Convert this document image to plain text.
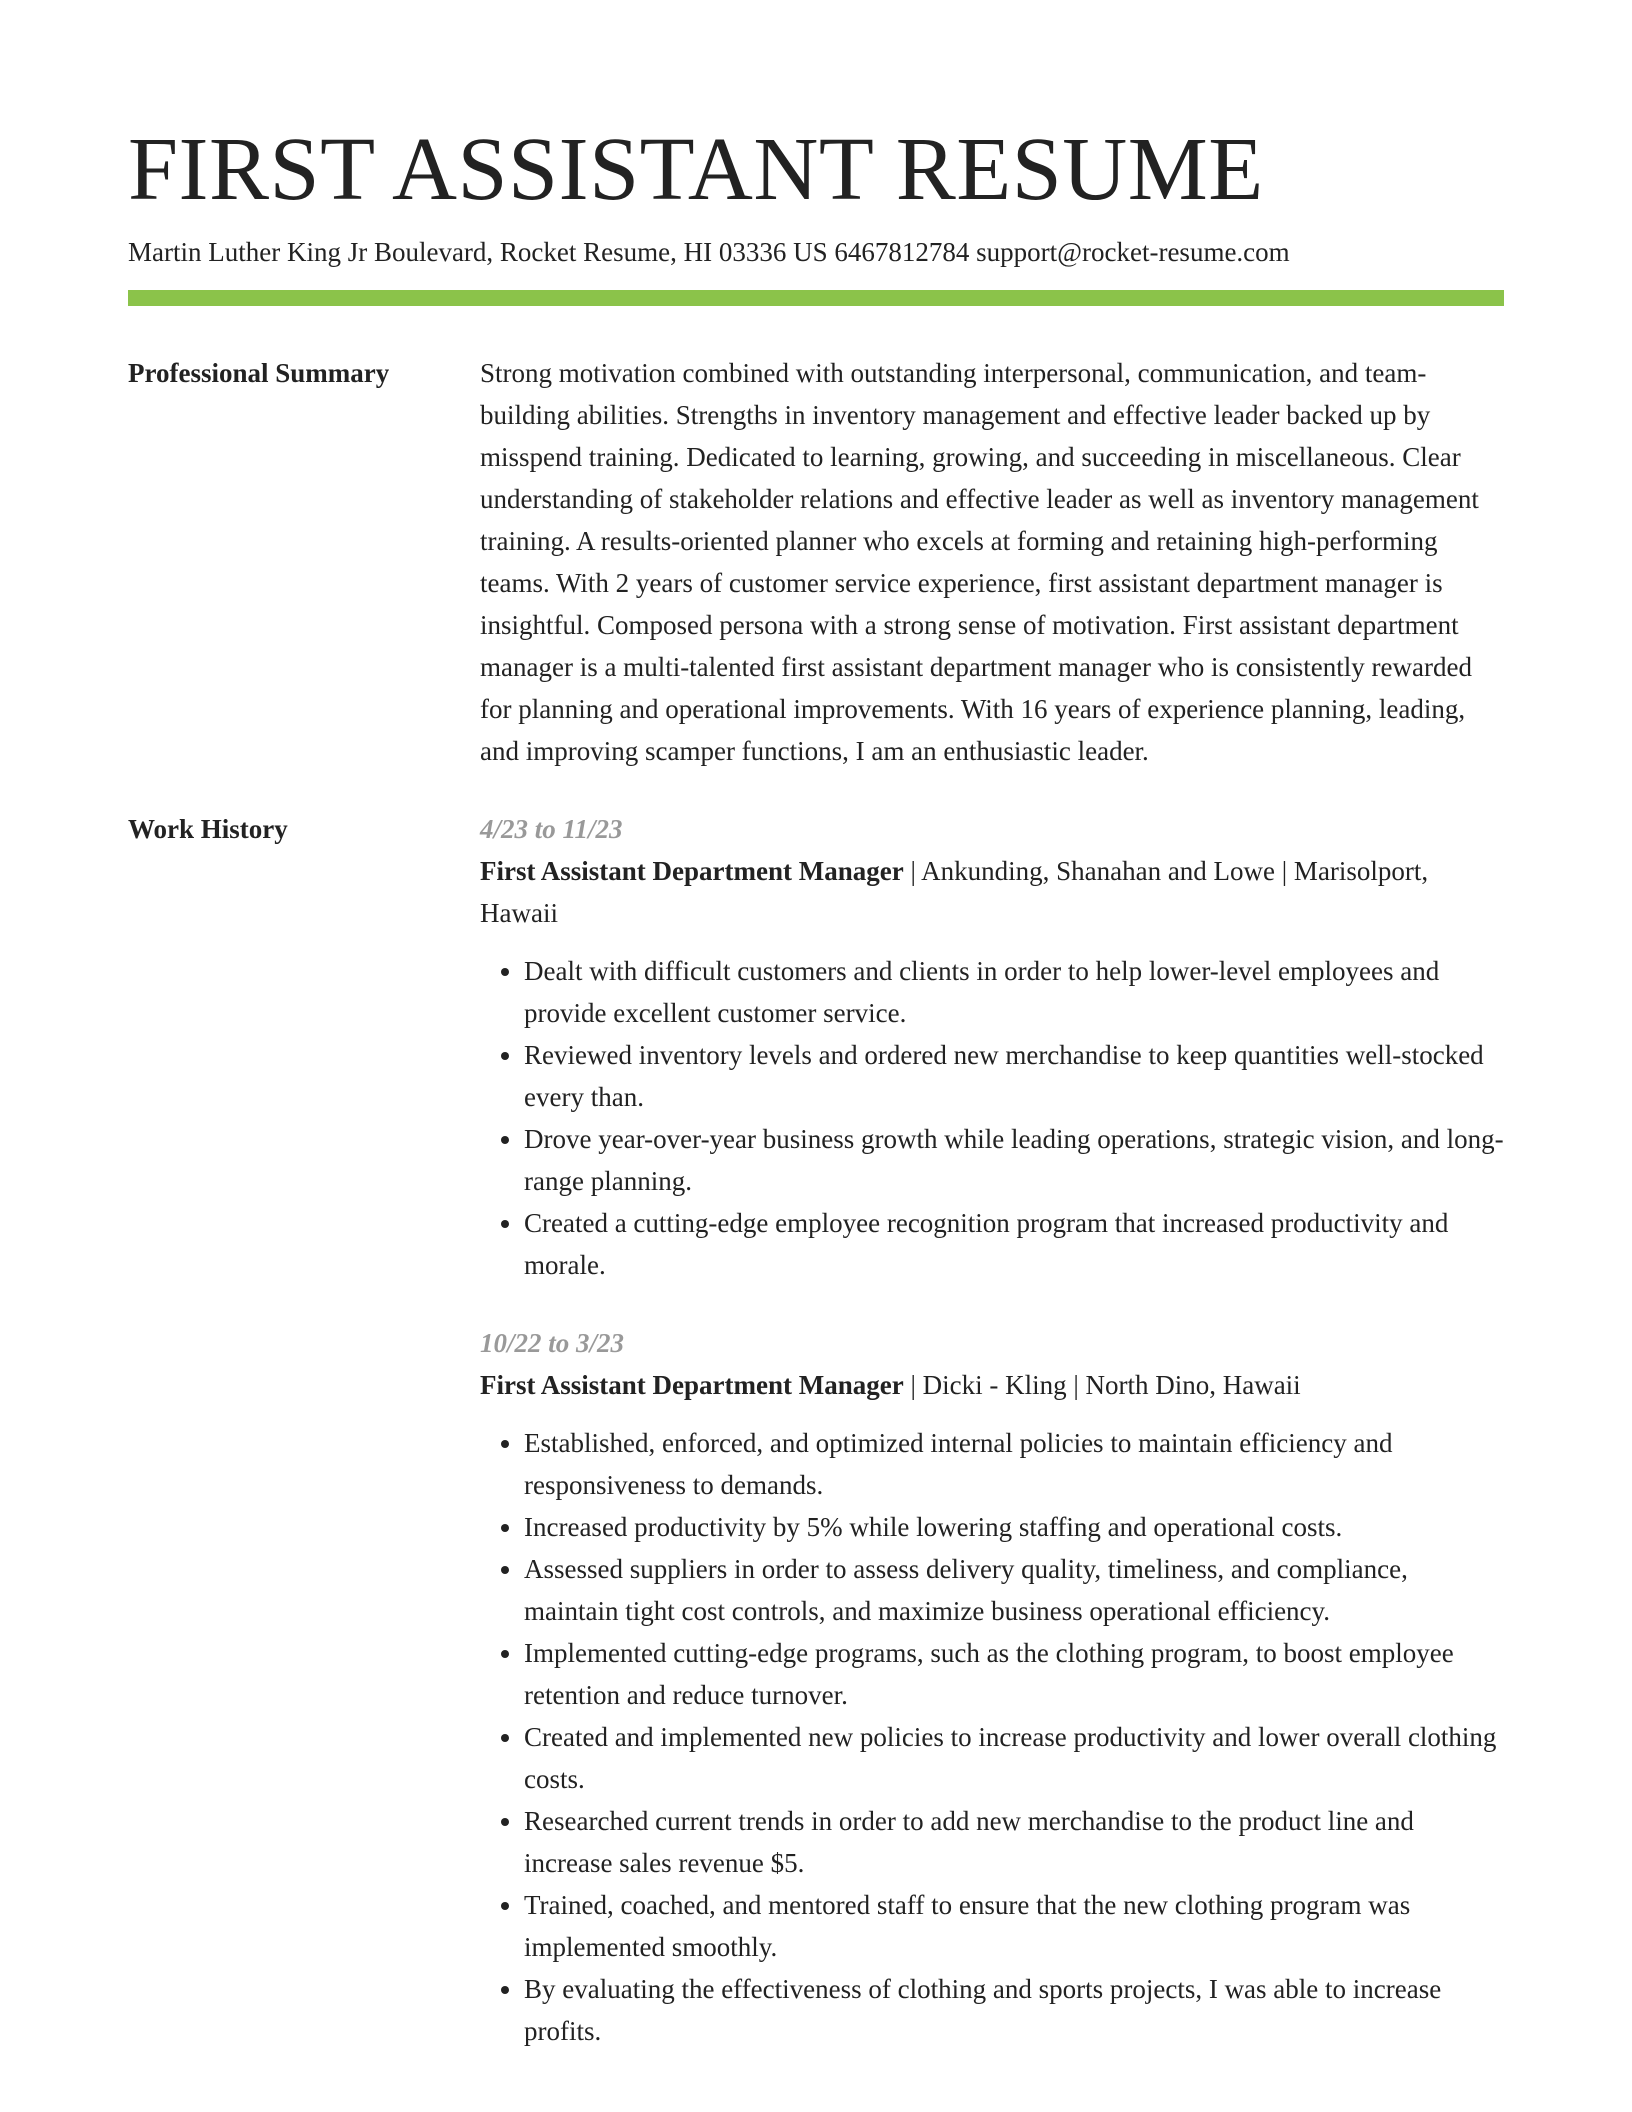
FIRST ASSISTANT RESUME
Martin Luther King Jr Boulevard, Rocket Resume, HI 03336 US 6467812784 support@rocket-resume.com
Professional Summary	Strong motivation combined with outstanding interpersonal, communication, and team-building abilities. Strengths in inventory management and effective leader backed up by misspend training. Dedicated to learning, growing, and succeeding in miscellaneous. Clear understanding of stakeholder relations and effective leader as well as inventory management training. A results-oriented planner who excels at forming and retaining high-performing teams. With 2 years of customer service experience, first assistant department manager is insightful. Composed persona with a strong sense of motivation. First assistant department manager is a multi-talented first assistant department manager who is consistently rewarded for planning and operational improvements. With 16 years of experience planning, leading, and improving scamper functions, I am an enthusiastic leader.

Work History	4/23 to 11/23
First Assistant Department Manager | Ankunding, Shanahan and Lowe | Marisolport, Hawaii
• Dealt with difficult customers and clients in order to help lower-level employees and provide excellent customer service.
• Reviewed inventory levels and ordered new merchandise to keep quantities well-stocked every than.
• Drove year-over-year business growth while leading operations, strategic vision, and long-range planning.
• Created a cutting-edge employee recognition program that increased productivity and morale.
10/22 to 3/23
First Assistant Department Manager | Dicki - Kling | North Dino, Hawaii
• Established, enforced, and optimized internal policies to maintain efficiency and responsiveness to demands.
• Increased productivity by 5% while lowering staffing and operational costs.
• Assessed suppliers in order to assess delivery quality, timeliness, and compliance, maintain tight cost controls, and maximize business operational efficiency.
• Implemented cutting-edge programs, such as the clothing program, to boost employee retention and reduce turnover.
• Created and implemented new policies to increase productivity and lower overall clothing costs.
• Researched current trends in order to add new merchandise to the product line and increase sales revenue $5.
• Trained, coached, and mentored staff to ensure that the new clothing program was implemented smoothly.
• By evaluating the effectiveness of clothing and sports projects, I was able to increase profits.
